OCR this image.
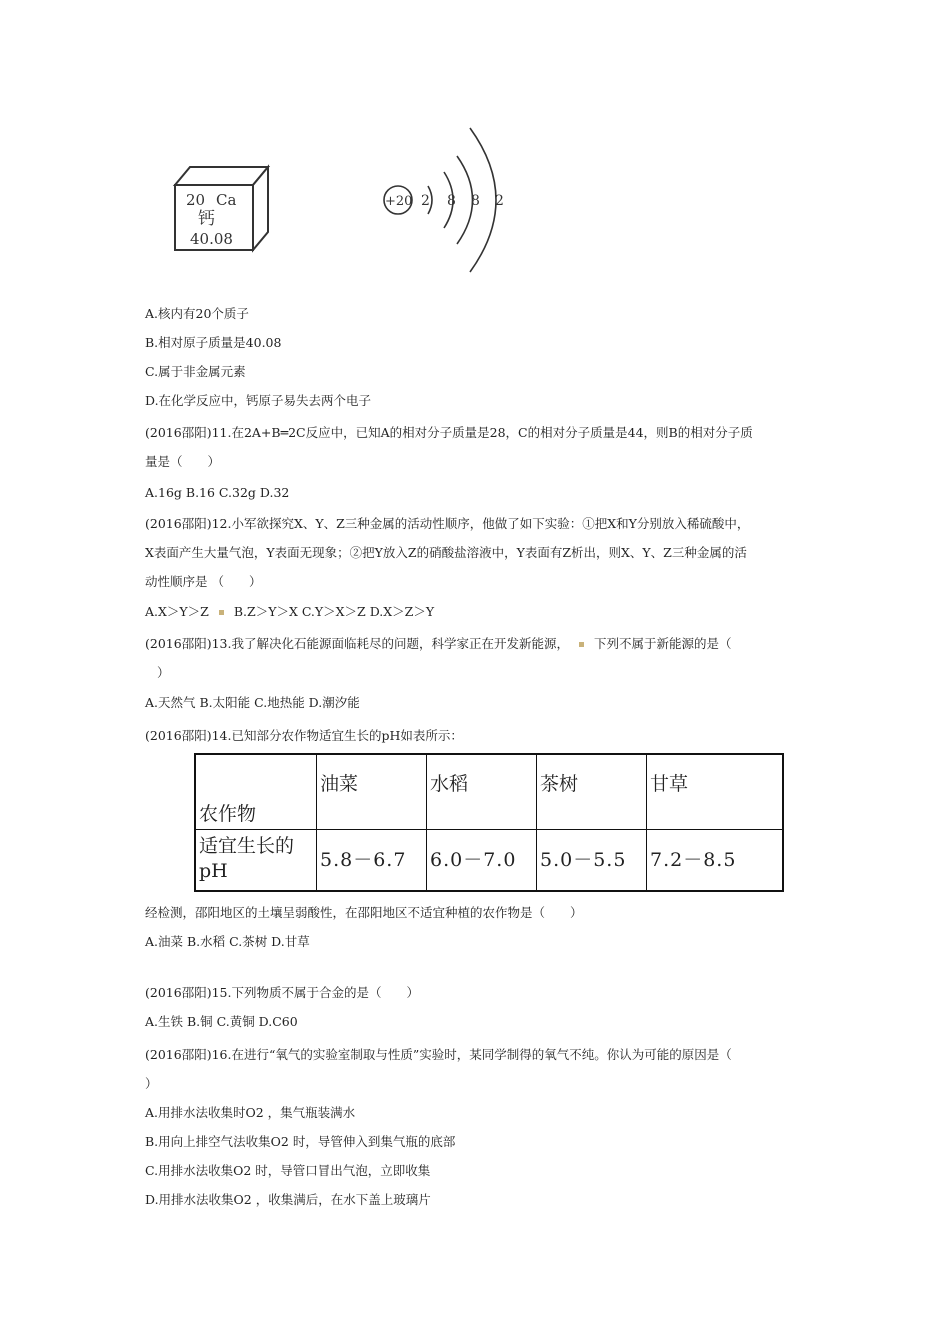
20 Ca
钙
40.08
+20 2 8 8 2
A.核内有20个质子
B.相对原子质量是40.08
C.属于非金属元素
D.在化学反应中，钙原子易失去两个电子
(2016邵阳)11.在2A+B═2C反应中，已知A的相对分子质量是28，C的相对分子质量是44，则B的相对分子质
量是（　　）
A.16g B.16 C.32g D.32
(2016邵阳)12.小军欲探究X、Y、Z三种金属的活动性顺序，他做了如下实验：①把X和Y分别放入稀硫酸中，
X表面产生大量气泡，Y表面无现象；②把Y放入Z的硝酸盐溶液中，Y表面有Z析出，则X、Y、Z三种金属的活
动性顺序是 （　　）
A.X＞Y＞Z B.Z＞Y＞X C.Y＞X＞Z D.X＞Z＞Y
(2016邵阳)13.我了解决化石能源面临耗尽的问题，科学家正在开发新能源， 下列不属于新能源的是（
）
A.天然气 B.太阳能 C.地热能 D.潮汐能
(2016邵阳)14.已知部分农作物适宜生长的pH如表所示：
农作物	油菜	水稻	茶树	甘草
适宜生长的
pH	5.8－6.7	6.0－7.0	5.0－5.5	7.2－8.5
经检测，邵阳地区的土壤呈弱酸性，在邵阳地区不适宜种植的农作物是（　　）
A.油菜 B.水稻 C.茶树 D.甘草
(2016邵阳)15.下列物质不属于合金的是（　　）
A.生铁 B.铜 C.黄铜 D.C60
(2016邵阳)16.在进行“氧气的实验室制取与性质”实验时，某同学制得的氧气不纯。你认为可能的原因是（
）
A.用排水法收集时O2 ，集气瓶装满水
B.用向上排空气法收集O2 时，导管伸入到集气瓶的底部
C.用排水法收集O2 时，导管口冒出气泡，立即收集
D.用排水法收集O2 ，收集满后，在水下盖上玻璃片
